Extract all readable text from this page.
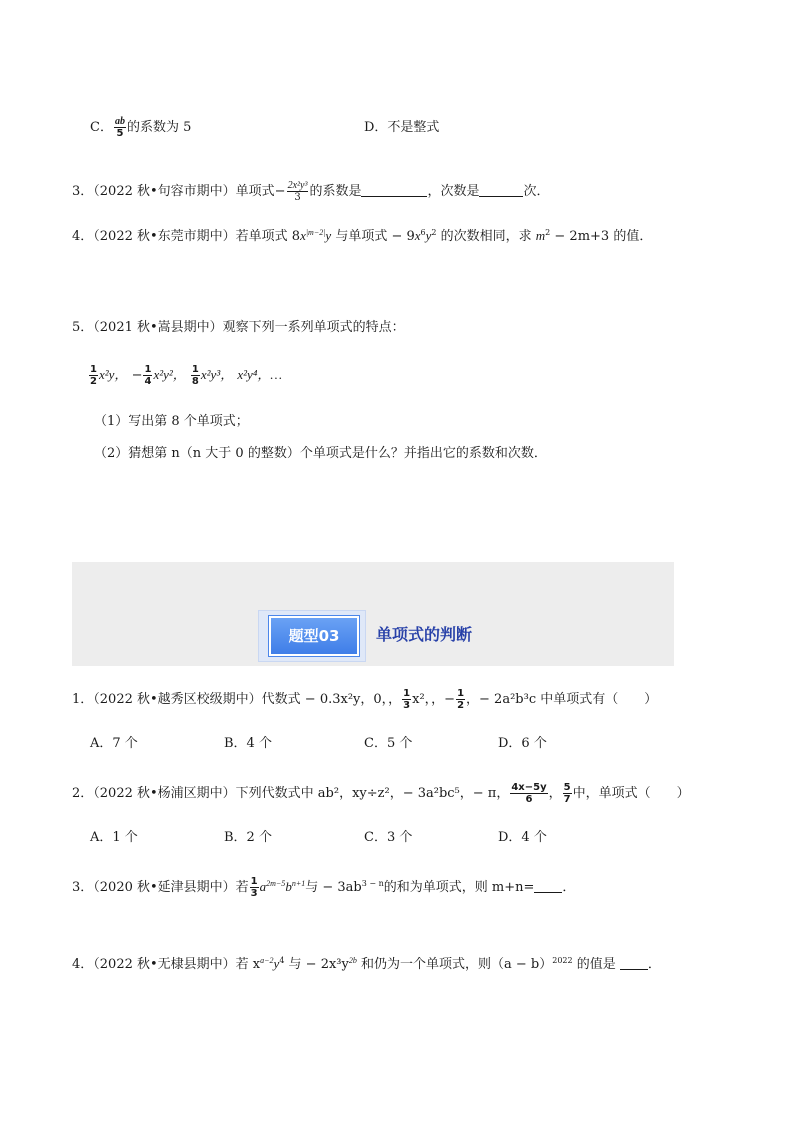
C． $\frac{ab}{5}$ 的系数为 5	D．不是整式
3．（2022 秋•句容市期中）单项式− $\frac{\text{2x²y³}}{3}$ 的系数是	，次数是	次．
4．（2022 秋•东莞市期中）若单项式 $8x^{|m-2|}y$ 与单项式 − $9x^6y^2$ 的次数相同，求 $m^2 - 2m+3$ 的值．
5．（2021 秋•嵩县期中）观察下列一系列单项式的特点：
$\frac{1}{2} x^2y$， − $\frac{1}{4} x^2y^2$， $\frac{1}{8} x^2y^3$， x²y⁴，…
（1）写出第 8 个单项式；
（2）猜想第 n（n 大于 0 的整数）个单项式是什么？并指出它的系数和次数．
题型03	单项式的判断
1．（2022 秋•越秀区校级期中）代数式 − 0.3x²y，0，， $\frac{1}{3} x^2$，，− $\frac{1}{2}$ ，− 2a²b³c 中单项式有（　　）
A．7 个	B．4 个	C．5 个	D．6 个
2．（2022 秋•杨浦区期中）下列代数式中 ab²，xy÷z²，− 3a²bc⁵，− π， $\frac{4x-5y}{6}$ ， $\frac{5}{7}$ 中，单项式（　　）
A．1 个	B．2 个	C．3 个	D．4 个
3．（2020 秋•延津县期中）若 $\frac{1}{3} a^{2m-5}b^{n+1}$与 − $3ab^{3 - n}$的和为单项式，则 m+n= ．
4．（2022 秋•无棣县期中）若 $x^{a-2}y^4$ 与 − $2x^3y^{2b}$ 和仍为一个单项式，则$(a - b)^{2022}$ 的值是 ．
